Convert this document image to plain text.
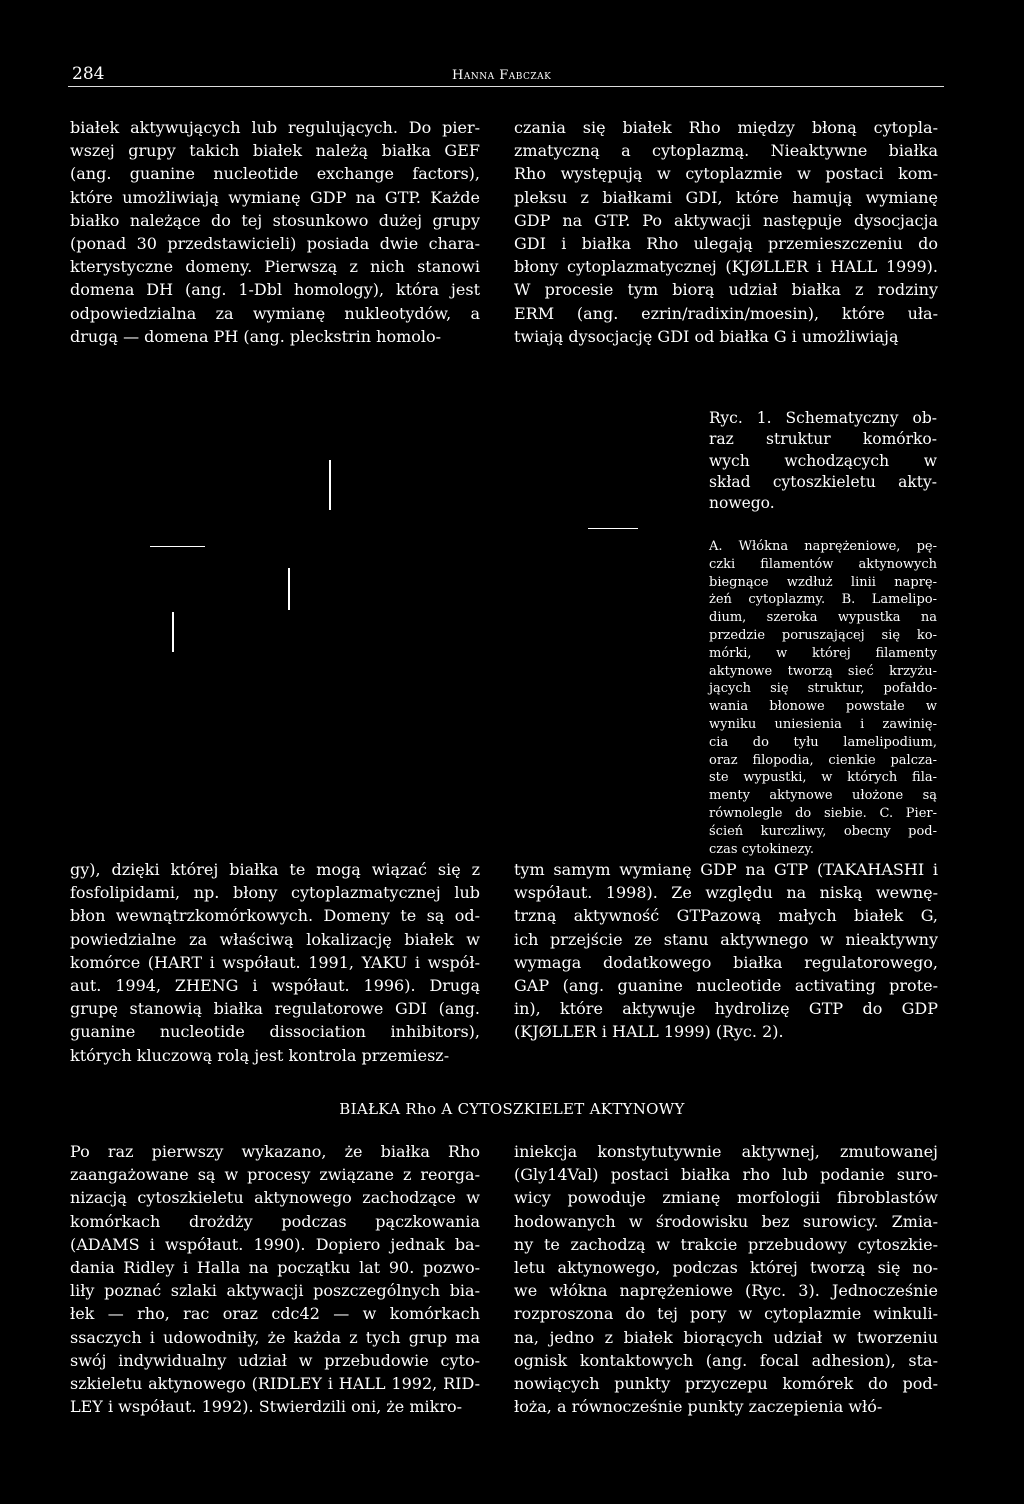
284	Hanna Fabczak
białek aktywujących lub regulujących. Do pier-
wszej grupy takich białek należą białka GEF
(ang. guanine nucleotide exchange factors),
które umożliwiają wymianę GDP na GTP. Każde
białko należące do tej stosunkowo dużej grupy
(ponad 30 przedstawicieli) posiada dwie chara-
kterystyczne domeny. Pierwszą z nich stanowi
domena DH (ang. 1-Dbl homology), która jest
odpowiedzialna za wymianę nukleotydów, a
drugą — domena PH (ang. pleckstrin homolo-
czania się białek Rho między błoną cytopla-
zmatyczną a cytoplazmą. Nieaktywne białka
Rho występują w cytoplazmie w postaci kom-
pleksu z białkami GDI, które hamują wymianę
GDP na GTP. Po aktywacji następuje dysocjacja
GDI i białka Rho ulegają przemieszczeniu do
błony cytoplazmatycznej (KJØLLER i HALL 1999).
W procesie tym biorą udział białka z rodziny
ERM (ang. ezrin/radixin/moesin), które uła-
twiają dysocjację GDI od białka G i umożliwiają
Ryc. 1. Schematyczny ob-
raz struktur komórko-
wych wchodzących w
skład cytoszkieletu akty-
nowego.
A. Włókna naprężeniowe, pę-
czki filamentów aktynowych
biegnące wzdłuż linii naprę-
żeń cytoplazmy. B. Lamelipo-
dium, szeroka wypustka na
przedzie poruszającej się ko-
mórki, w której filamenty
aktynowe tworzą sieć krzyżu-
jących się struktur, pofałdo-
wania błonowe powstałe w
wyniku uniesienia i zawinię-
cia do tyłu lamelipodium,
oraz filopodia, cienkie palcza-
ste wypustki, w których fila-
menty aktynowe ułożone są
równolegle do siebie. C. Pier-
ścień kurczliwy, obecny pod-
czas cytokinezy.
gy), dzięki której białka te mogą wiązać się z
fosfolipidami, np. błony cytoplazmatycznej lub
błon wewnątrzkomórkowych. Domeny te są od-
powiedzialne za właściwą lokalizację białek w
komórce (HART i współaut. 1991, YAKU i współ-
aut. 1994, ZHENG i współaut. 1996). Drugą
grupę stanowią białka regulatorowe GDI (ang.
guanine nucleotide dissociation inhibitors),
których kluczową rolą jest kontrola przemiesz-
tym samym wymianę GDP na GTP (TAKAHASHI i
współaut. 1998). Ze względu na niską wewnę-
trzną aktywność GTPazową małych białek G,
ich przejście ze stanu aktywnego w nieaktywny
wymaga dodatkowego białka regulatorowego,
GAP (ang. guanine nucleotide activating prote-
in), które aktywuje hydrolizę GTP do GDP
(KJØLLER i HALL 1999) (Ryc. 2).
BIAŁKA Rho A CYTOSZKIELET AKTYNOWY
Po raz pierwszy wykazano, że białka Rho
zaangażowane są w procesy związane z reorga-
nizacją cytoszkieletu aktynowego zachodzące w
komórkach drożdży podczas pączkowania
(ADAMS i współaut. 1990). Dopiero jednak ba-
dania Ridley i Halla na początku lat 90. pozwo-
liły poznać szlaki aktywacji poszczególnych bia-
łek — rho, rac oraz cdc42 — w komórkach
ssaczych i udowodniły, że każda z tych grup ma
swój indywidualny udział w przebudowie cyto-
szkieletu aktynowego (RIDLEY i HALL 1992, RID-
LEY i współaut. 1992). Stwierdzili oni, że mikro-
iniekcja konstytutywnie aktywnej, zmutowanej
(Gly14Val) postaci białka rho lub podanie suro-
wicy powoduje zmianę morfologii fibroblastów
hodowanych w środowisku bez surowicy. Zmia-
ny te zachodzą w trakcie przebudowy cytoszkie-
letu aktynowego, podczas której tworzą się no-
we włókna naprężeniowe (Ryc. 3). Jednocześnie
rozproszona do tej pory w cytoplazmie winkuli-
na, jedno z białek biorących udział w tworzeniu
ognisk kontaktowych (ang. focal adhesion), sta-
nowiących punkty przyczepu komórek do pod-
łoża, a równocześnie punkty zaczepienia włó-
